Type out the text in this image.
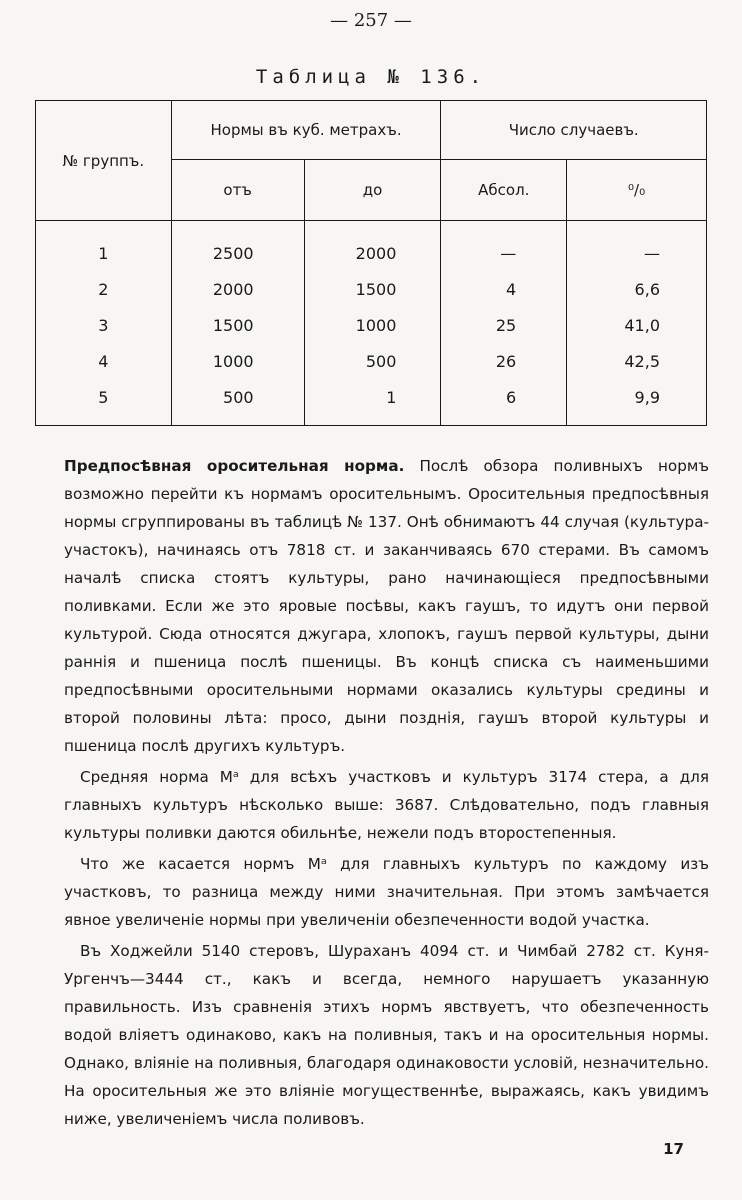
— 257 —
Таблица № 136.
№ группъ.	Нормы въ куб. метрахъ.		Число случаевъ.	
	отъ	до	Абсол.	⁰/₀
1	2500	2000	—	—
2	2000	1500	4	6,6
3	1500	1000	25	41,0
4	1000	500	26	42,5
5	500	1	6	9,9

Предпосѣвная оросительная норма. Послѣ обзора поливныхъ нормъ возможно перейти къ нормамъ оросительнымъ. Оросительныя предпосѣвныя нормы сгруппированы въ таблицѣ № 137. Онѣ обнимаютъ 44 случая (культура-участокъ), начинаясь отъ 7818 ст. и заканчиваясь 670 стерами. Въ самомъ началѣ списка стоятъ культуры, рано начинающіеся предпосѣвными поливками. Если же это яровые посѣвы, какъ гаушъ, то идутъ они первой культурой. Сюда относятся джугара, хлопокъ, гаушъ первой культуры, дыни раннія и пшеница послѣ пшеницы. Въ концѣ списка съ наименьшими предпосѣвными оросительными нормами оказались культуры средины и второй половины лѣта: просо, дыни позднія, гаушъ второй культуры и пшеница послѣ другихъ культуръ.

Средняя норма Mᵃ для всѣхъ участковъ и культуръ 3174 стера, а для главныхъ культуръ нѣсколько выше: 3687. Слѣдовательно, подъ главныя культуры поливки даются обильнѣе, нежели подъ второстепенныя.

Что же касается нормъ Mᵃ для главныхъ культуръ по каждому изъ участковъ, то разница между ними значительная. При этомъ замѣчается явное увеличеніе нормы при увеличеніи обезпеченности водой участка.

Въ Ходжейли 5140 стеровъ, Шураханъ 4094 ст. и Чимбай 2782 ст. Куня-Ургенчъ—3444 ст., какъ и всегда, немного нарушаетъ указанную правильность. Изъ сравненія этихъ нормъ явствуетъ, что обезпеченность водой вліяетъ одинаково, какъ на поливныя, такъ и на оросительныя нормы. Однако, вліяніе на поливныя, благодаря одинаковости условій, незначительно. На оросительныя же это вліяніе могущественнѣе, выражаясь, какъ увидимъ ниже, увеличеніемъ числа поливовъ.

17
